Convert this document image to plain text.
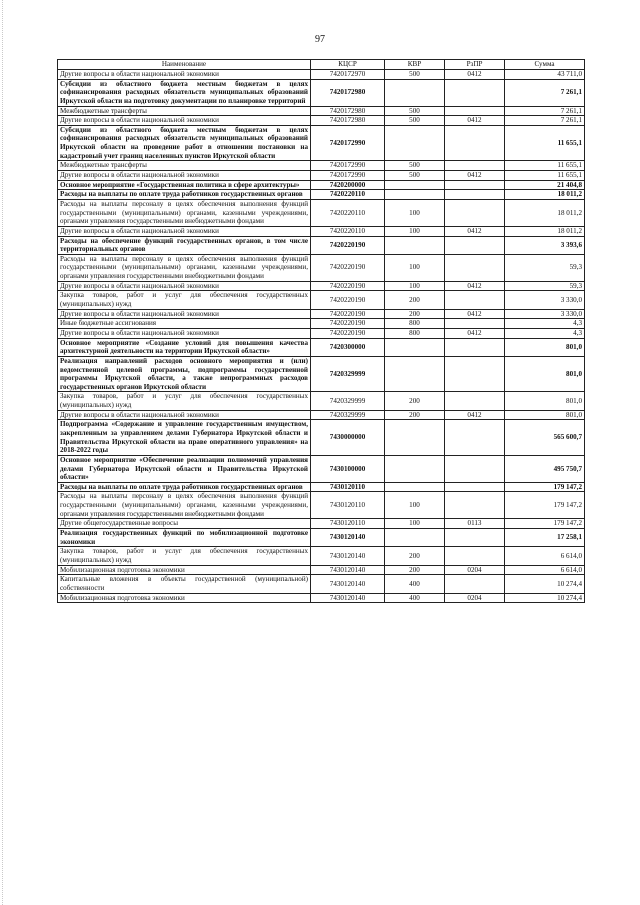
97
Наименование	КЦСР	КВР	РзПР	Сумма
Другие вопросы в области национальной экономики	7420172970	500	0412	43 711,0
Субсидии из областного бюджета местным бюджетам в целях софинансирования расходных обязательств муниципальных образований Иркутской области на подготовку документации по планировке территорий	7420172980			7 261,1
Межбюджетные трансферты	7420172980	500		7 261,1
Другие вопросы в области национальной экономики	7420172980	500	0412	7 261,1
Субсидии из областного бюджета местным бюджетам в целях софинансирования расходных обязательств муниципальных образований Иркутской области на проведение работ в отношении постановки на кадастровый учет границ населенных пунктов Иркутской области	7420172990			11 655,1
Межбюджетные трансферты	7420172990	500		11 655,1
Другие вопросы в области национальной экономики	7420172990	500	0412	11 655,1
Основное мероприятие «Государственная политика в сфере архитектуры»	7420200000			21 404,8
Расходы на выплаты по оплате труда работников государственных органов	7420220110			18 011,2
Расходы на выплаты персоналу в целях обеспечения выполнения функций государственными (муниципальными) органами, казенными учреждениями, органами управления государственными внебюджетными фондами	7420220110	100		18 011,2
Другие вопросы в области национальной экономики	7420220110	100	0412	18 011,2
Расходы на обеспечение функций государственных органов, в том числе территориальных органов	7420220190			3 393,6
Расходы на выплаты персоналу в целях обеспечения выполнения функций государственными (муниципальными) органами, казенными учреждениями, органами управления государственными внебюджетными фондами	7420220190	100		59,3
Другие вопросы в области национальной экономики	7420220190	100	0412	59,3
Закупка товаров, работ и услуг для обеспечения государственных (муниципальных) нужд	7420220190	200		3 330,0
Другие вопросы в области национальной экономики	7420220190	200	0412	3 330,0
Иные бюджетные ассигнования	7420220190	800		4,3
Другие вопросы в области национальной экономики	7420220190	800	0412	4,3
Основное мероприятие «Создание условий для повышения качества архитектурной деятельности на территории Иркутской области»	7420300000			801,0
Реализация направлений расходов основного мероприятия и (или) ведомственной целевой программы, подпрограммы государственной программы Иркутской области, а также непрограммных расходов государственных органов Иркутской области	7420329999			801,0
Закупка товаров, работ и услуг для обеспечения государственных (муниципальных) нужд	7420329999	200		801,0
Другие вопросы в области национальной экономики	7420329999	200	0412	801,0
Подпрограмма «Содержание и управление государственным имуществом, закрепленным за управлением делами Губернатора Иркутской области и Правительства Иркутской области на праве оперативного управления» на 2018-2022 годы	7430000000			565 600,7
Основное мероприятие «Обеспечение реализации полномочий управления делами Губернатора Иркутской области и Правительства Иркутской области»	7430100000			495 750,7
Расходы на выплаты по оплате труда работников государственных органов	7430120110			179 147,2
Расходы на выплаты персоналу в целях обеспечения выполнения функций государственными (муниципальными) органами, казенными учреждениями, органами управления государственными внебюджетными фондами	7430120110	100		179 147,2
Другие общегосударственные вопросы	7430120110	100	0113	179 147,2
Реализация государственных функций по мобилизационной подготовке экономики	7430120140			17 258,1
Закупка товаров, работ и услуг для обеспечения государственных (муниципальных) нужд	7430120140	200		6 614,0
Мобилизационная подготовка экономики	7430120140	200	0204	6 614,0
Капитальные вложения в объекты государственной (муниципальной) собственности	7430120140	400		10 274,4
Мобилизационная подготовка экономики	7430120140	400	0204	10 274,4
